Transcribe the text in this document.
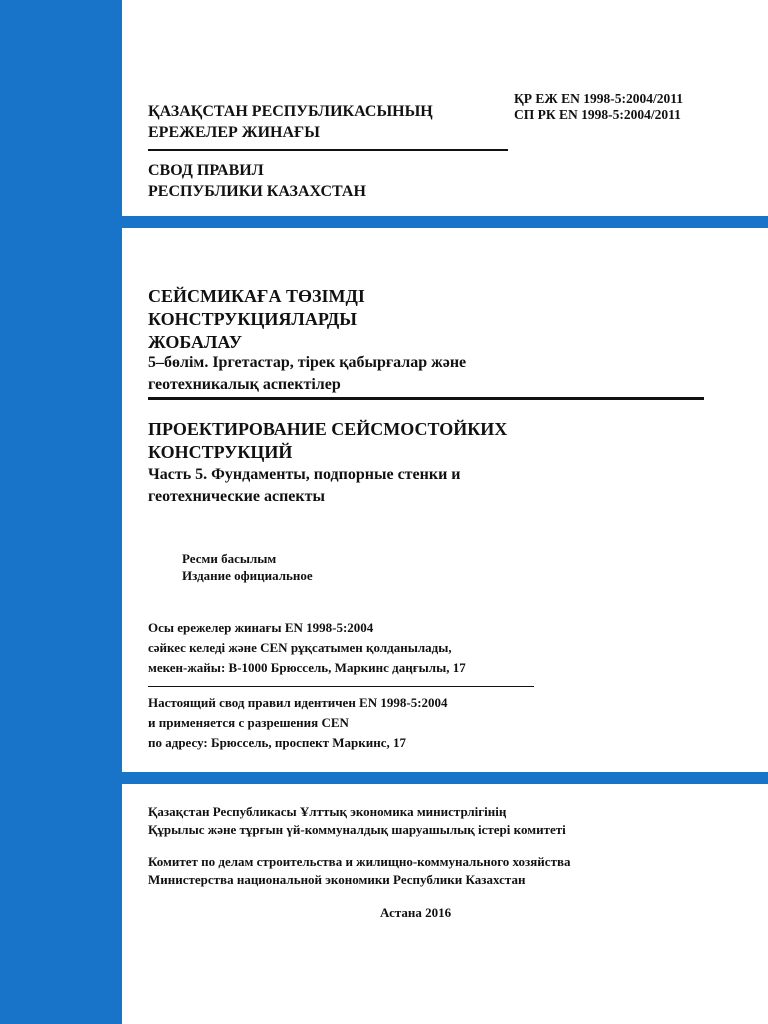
ҚАЗАҚСТАН РЕСПУБЛИКАСЫНЫҢ
ЕРЕЖЕЛЕР ЖИНАҒЫ
СВОД ПРАВИЛ
РЕСПУБЛИКИ КАЗАХСТАН
ҚР ЕЖ EN 1998-5:2004/2011
СП РК EN 1998-5:2004/2011
СЕЙСМИКАҒА ТӨЗІМДІ
КОНСТРУКЦИЯЛАРДЫ
ЖОБАЛАУ
5–бөлім. Іргетастар, тірек қабырғалар және
геотехникалық аспектілер
ПРОЕКТИРОВАНИЕ СЕЙСМОСТОЙКИХ
КОНСТРУКЦИЙ
Часть 5. Фундаменты, подпорные стенки и
геотехнические аспекты
Ресми басылым
Издание официальное
Осы ережелер жинағы EN 1998-5:2004
сәйкес келеді және CEN рұқсатымен қолданылады,
мекен-жайы: B-1000 Брюссель, Маркинс даңғылы, 17
Настоящий свод правил идентичен EN 1998-5:2004
и применяется с разрешения CEN
по адресу: Брюссель, проспект Маркинс, 17
Қазақстан Республикасы Ұлттық экономика министрлігінің
Құрылыс және тұрғын үй-коммуналдық шаруашылық істері комитеті
Комитет по делам строительства и жилищно-коммунального хозяйства
Министерства национальной экономики Республики Казахстан
Астана 2016
